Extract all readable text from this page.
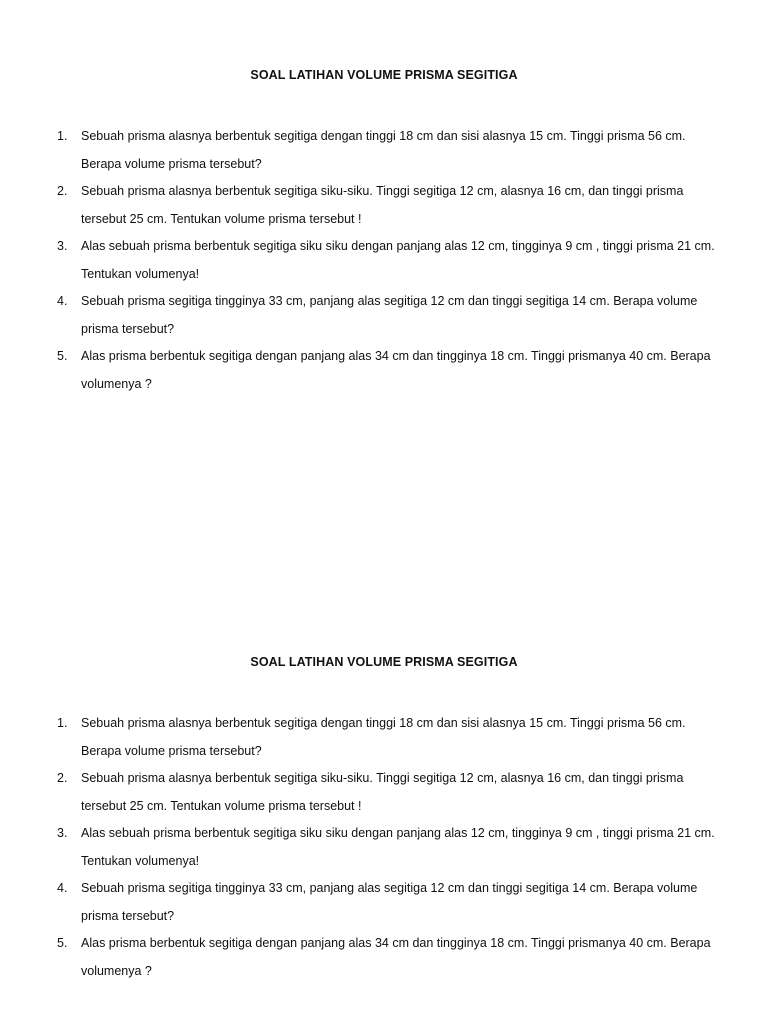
SOAL LATIHAN VOLUME PRISMA SEGITIGA
1. Sebuah prisma alasnya berbentuk segitiga dengan tinggi 18 cm dan sisi alasnya 15 cm. Tinggi prisma 56 cm. Berapa volume prisma tersebut?
2. Sebuah prisma alasnya berbentuk segitiga siku-siku. Tinggi segitiga 12 cm, alasnya 16 cm, dan tinggi prisma tersebut 25 cm. Tentukan volume prisma tersebut !
3. Alas sebuah prisma berbentuk segitiga siku siku dengan panjang alas 12 cm, tingginya 9 cm , tinggi prisma 21 cm. Tentukan volumenya!
4. Sebuah prisma segitiga tingginya 33 cm, panjang alas segitiga 12 cm dan tinggi segitiga 14 cm. Berapa volume prisma tersebut?
5. Alas prisma berbentuk segitiga dengan panjang alas 34 cm dan tingginya 18 cm. Tinggi prismanya 40 cm. Berapa volumenya ?
SOAL LATIHAN VOLUME PRISMA SEGITIGA
1. Sebuah prisma alasnya berbentuk segitiga dengan tinggi 18 cm dan sisi alasnya 15 cm. Tinggi prisma 56 cm. Berapa volume prisma tersebut?
2. Sebuah prisma alasnya berbentuk segitiga siku-siku. Tinggi segitiga 12 cm, alasnya 16 cm, dan tinggi prisma tersebut 25 cm. Tentukan volume prisma tersebut !
3. Alas sebuah prisma berbentuk segitiga siku siku dengan panjang alas 12 cm, tingginya 9 cm , tinggi prisma 21 cm. Tentukan volumenya!
4. Sebuah prisma segitiga tingginya 33 cm, panjang alas segitiga 12 cm dan tinggi segitiga 14 cm. Berapa volume prisma tersebut?
5. Alas prisma berbentuk segitiga dengan panjang alas 34 cm dan tingginya 18 cm. Tinggi prismanya 40 cm. Berapa volumenya ?
